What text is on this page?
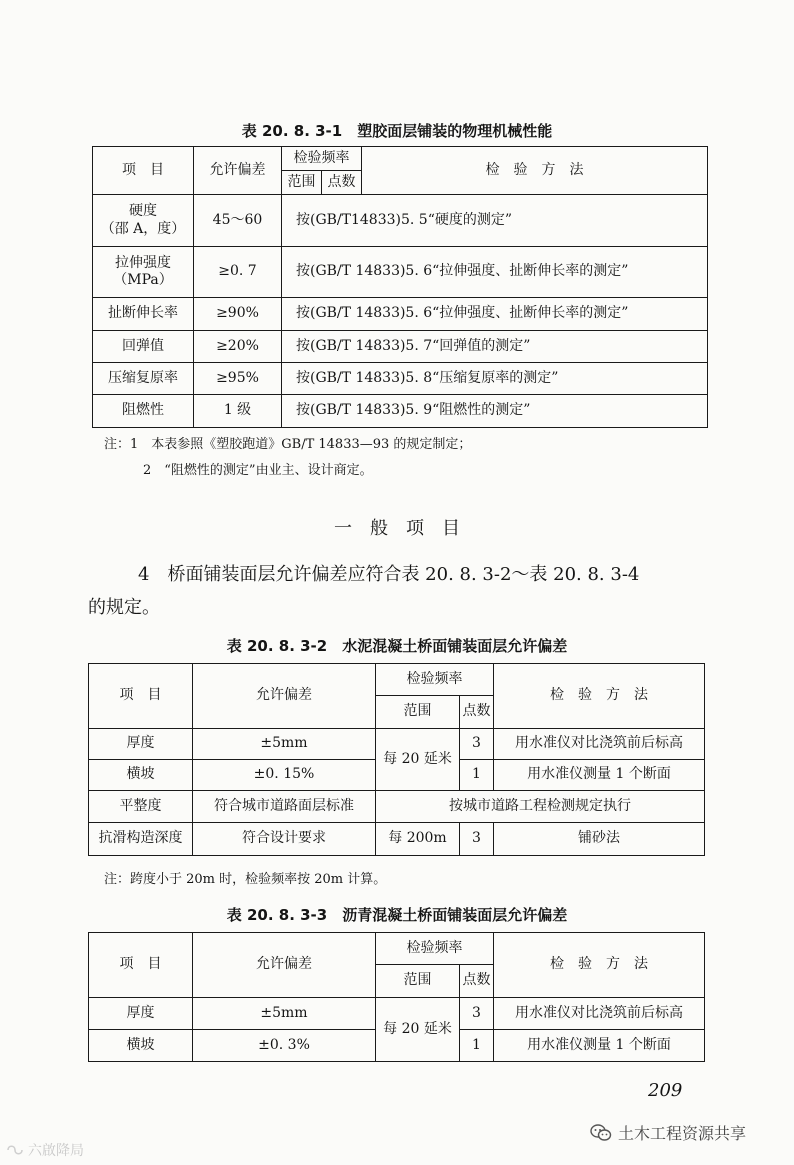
表 20. 8. 3-1　塑胶面层铺装的物理机械性能
项　目	允许偏差	检验频率		检　验　方　法
		范围	点数	
硬度
（邵 A，度）	45～60	按(GB/T14833)5. 5“硬度的测定”		
拉伸强度
（MPa）	≥0. 7	按(GB/T 14833)5. 6“拉伸强度、扯断伸长率的测定”		
扯断伸长率	≥90%	按(GB/T 14833)5. 6“拉伸强度、扯断伸长率的测定”		
回弹值	≥20%	按(GB/T 14833)5. 7“回弹值的测定”		
压缩复原率	≥95%	按(GB/T 14833)5. 8“压缩复原率的测定”		
阻燃性	1 级	按(GB/T 14833)5. 9“阻燃性的测定”		
注：1　本表参照《塑胶跑道》GB/T 14833—93 的规定制定；
2　“阻燃性的测定”由业主、设计商定。
一　般　项　目
4　桥面铺装面层允许偏差应符合表 20. 8. 3-2～表 20. 8. 3-4
的规定。
表 20. 8. 3-2　水泥混凝土桥面铺装面层允许偏差
项　目	允许偏差	检验频率		检　验　方　法
		范围	点数	
厚度	±5mm	每 20 延米	3	用水准仪对比浇筑前后标高
横坡	±0. 15%		1	用水准仪测量 1 个断面
平整度	符合城市道路面层标准	按城市道路工程检测规定执行		
抗滑构造深度	符合设计要求	每 200m	3	铺砂法
注：跨度小于 20m 时，检验频率按 20m 计算。
表 20. 8. 3-3　沥青混凝土桥面铺装面层允许偏差
项　目	允许偏差	检验频率		检　验　方　法
		范围	点数	
厚度	±5mm	每 20 延米	3	用水准仪对比浇筑前后标高
横坡	±0. 3%		1	用水准仪测量 1 个断面
209
土木工程资源共享
六啟降局
